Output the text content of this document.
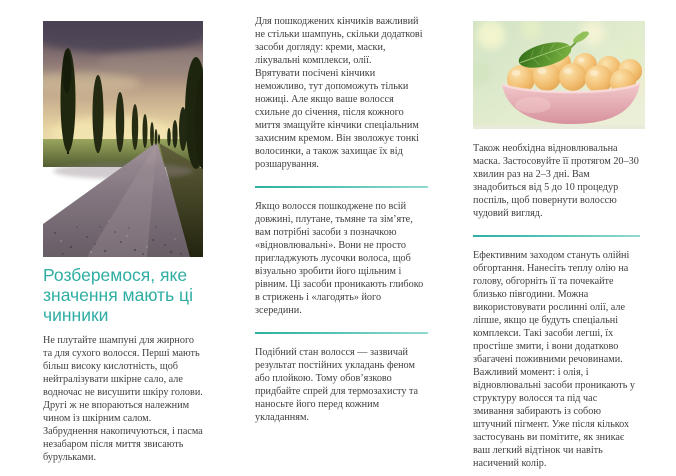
Розберемося, яке значення мають ці чинники

Не плутайте шампуні для жирного та для сухого волосся. Перші мають більш високу кислотність, щоб нейтралізувати шкірне сало, але водночас не висушити шкіру голови. Другі ж не впораються належним чином із шкірним салом. Забруднення накопичуються, і пасма незабаром після миття звисають бурульками.

Для пошкоджених кінчиків важливий не стільки шампунь, скільки додаткові засоби догляду: креми, маски, лікувальні комплекси, олії.

Врятувати посічені кінчики неможливо, тут допоможуть тільки ножиці. Але якщо ваше волосся схильне до січення, після кожного миття змащуйте кінчики спеціальним захисним кремом. Він зволожує тонкі волосинки, а також захищає їх від розшарування.

Якщо волосся пошкоджене по всій довжині, плутане, тьмяне та зім’яте, вам потрібні засоби з позначкою «відновлювальні». Вони не просто пригладжують лусочки волоса, щоб візуально зробити його щільним і рівним. Ці засоби проникають глибоко в стрижень і «лагодять» його зсередини.

Подібний стан волосся — зазвичай результат постійних укладань феном або плойкою. Тому обов’язково придбайте спрей для термозахисту та наносьте його перед кожним укладанням.

Також необхідна відновлювальна маска. Застосовуйте її протягом 20–30 хвилин раз на 2–3 дні. Вам знадобиться від 5 до 10 процедур поспіль, щоб повернути волоссю чудовий вигляд.

Ефективним заходом стануть олійні обгортання. Нанесіть теплу олію на голову, обгорніть її та почекайте близько півгодини. Можна використовувати рослинні олії, але ліпше, якщо це будуть спеціальні комплекси. Такі засоби легші, їх простіше змити, і вони додатково збагачені поживними речовинами. Важливий момент: і олія, і відновлювальні засоби проникають у структуру волосся та під час змивання забирають із собою штучний пігмент. Уже після кількох застосувань ви помітите, як зникає ваш легкий відтінок чи навіть насичений колір.
